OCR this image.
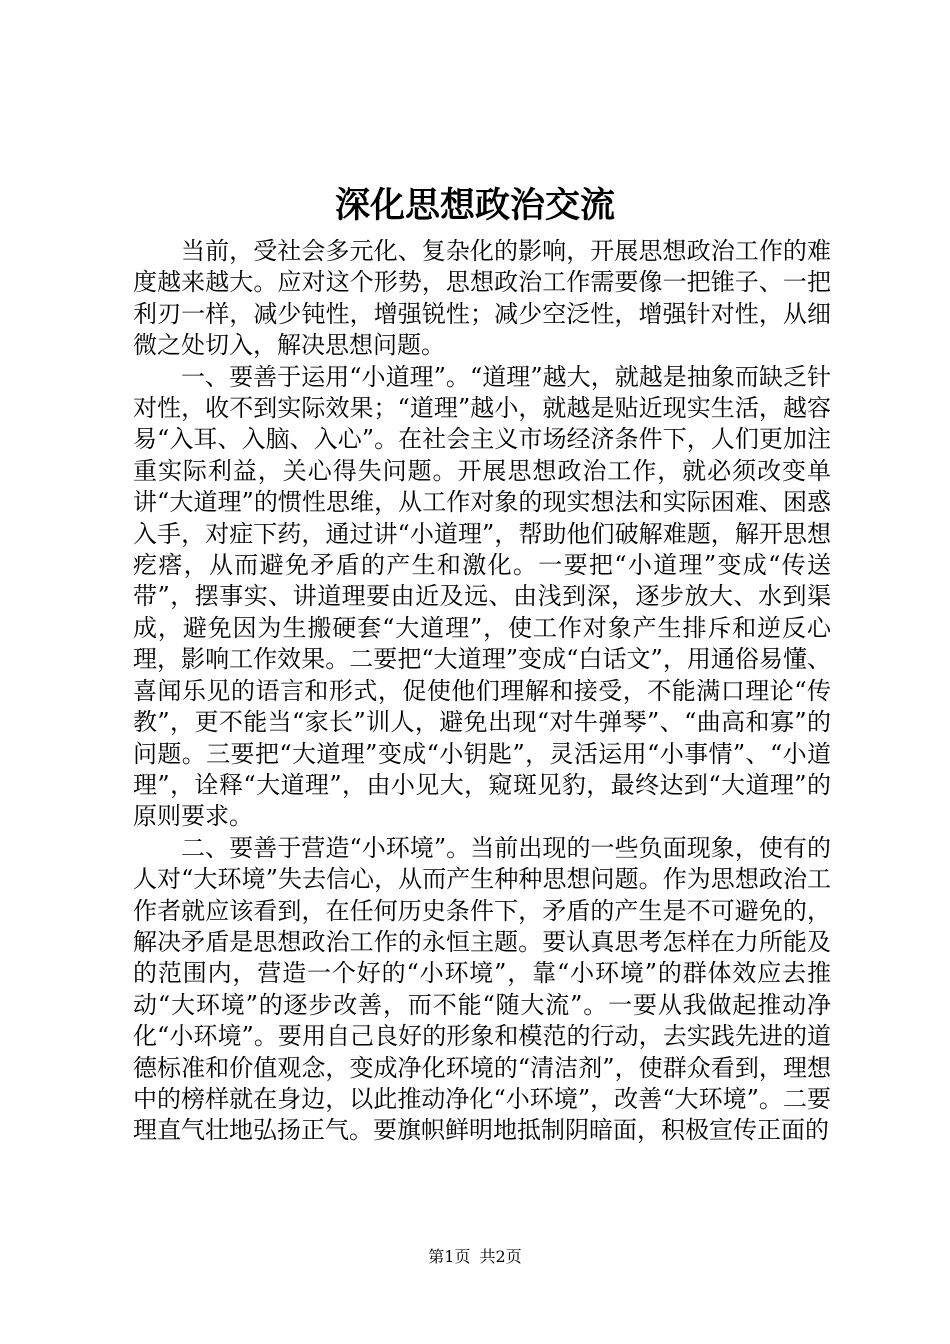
深化思想政治交流

当前，受社会多元化、复杂化的影响，开展思想政治工作的难度越来越大。应对这个形势，思想政治工作需要像一把锥子、一把利刃一样，减少钝性，增强锐性；减少空泛性，增强针对性，从细微之处切入，解决思想问题。

一、要善于运用“小道理”。“道理”越大，就越是抽象而缺乏针对性，收不到实际效果；“道理”越小，就越是贴近现实生活，越容易“入耳、入脑、入心”。在社会主义市场经济条件下，人们更加注重实际利益，关心得失问题。开展思想政治工作，就必须改变单讲“大道理”的惯性思维，从工作对象的现实想法和实际困难、困惑入手，对症下药，通过讲“小道理”，帮助他们破解难题，解开思想疙瘩，从而避免矛盾的产生和激化。一要把“小道理”变成“传送带”，摆事实、讲道理要由近及远、由浅到深，逐步放大、水到渠成，避免因为生搬硬套“大道理”，使工作对象产生排斥和逆反心理，影响工作效果。二要把“大道理”变成“白话文”，用通俗易懂、喜闻乐见的语言和形式，促使他们理解和接受，不能满口理论“传教”，更不能当“家长”训人，避免出现“对牛弹琴”、“曲高和寡”的问题。三要把“大道理”变成“小钥匙”，灵活运用“小事情”、“小道理”，诠释“大道理”，由小见大，窥斑见豹，最终达到“大道理”的原则要求。

二、要善于营造“小环境”。当前出现的一些负面现象，使有的人对“大环境”失去信心，从而产生种种思想问题。作为思想政治工作者就应该看到，在任何历史条件下，矛盾的产生是不可避免的，解决矛盾是思想政治工作的永恒主题。要认真思考怎样在力所能及的范围内，营造一个好的“小环境”，靠“小环境”的群体效应去推动“大环境”的逐步改善，而不能“随大流”。一要从我做起推动净化“小环境”。要用自己良好的形象和模范的行动，去实践先进的道德标准和价值观念，变成净化环境的“清洁剂”，使群众看到，理想中的榜样就在身边，以此推动净化“小环境”，改善“大环境”。二要理直气壮地弘扬正气。要旗帜鲜明地抵制阴暗面，积极宣传正面的

第1页 共2页
